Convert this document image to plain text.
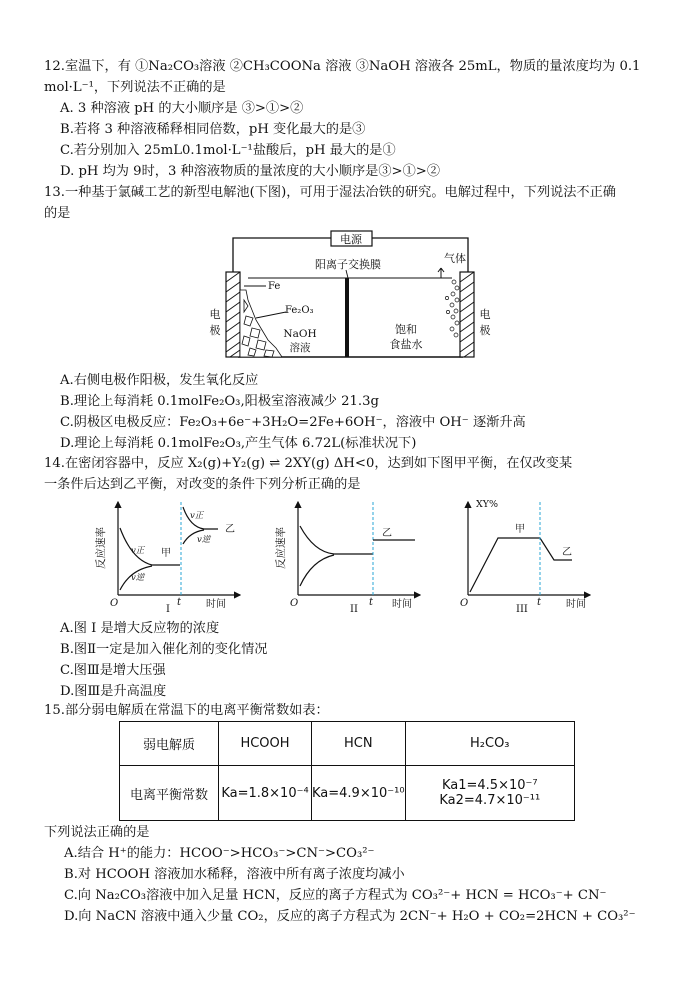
12.室温下，有 ①Na₂CO₃溶液 ②CH₃COONa 溶液 ③NaOH 溶液各 25mL，物质的量浓度均为 0.1
mol·L⁻¹，下列说法不正确的是
A. 3 种溶液 pH 的大小顺序是 ③>①>②
B.若将 3 种溶液稀释相同倍数，pH 变化最大的是③
C.若分别加入 25mL0.1mol·L⁻¹盐酸后，pH 最大的是①
D. pH 均为 9时，3 种溶液物质的量浓度的大小顺序是③>①>②
13.一种基于氯碱工艺的新型电解池(下图)，可用于湿法冶铁的研究。电解过程中，下列说法不正确
的是
电源
阳离子交换膜
Fe
Fe₂O₃
NaOH
溶液
饱和
食盐水
气体
电
极
电
极
A.右侧电极作阳极，发生氧化反应
B.理论上每消耗 0.1molFe₂O₃,阳极室溶液减少 21.3g
C.阴极区电极反应：Fe₂O₃+6e⁻+3H₂O=2Fe+6OH⁻，溶液中 OH⁻ 逐渐升高
D.理论上每消耗 0.1molFe₂O₃,产生气体 6.72L(标准状况下)
14.在密闭容器中，反应 X₂(g)+Y₂(g) ⇌ 2XY(g) ΔH<0，达到如下图甲平衡，在仅改变某
一条件后达到乙平衡，对改变的条件下列分析正确的是
反应速率
O	t 时间
I
v正
v逆
甲
v正
v逆
乙	反应速率
O	t 时间
II
乙
XY%
O	t 时间
III
甲
乙
A.图 I 是增大反应物的浓度
B.图Ⅱ一定是加入催化剂的变化情况
C.图Ⅲ是增大压强
D.图Ⅲ是升高温度
15.部分弱电解质在常温下的电离平衡常数如表：
弱电解质	HCOOH	HCN	H₂CO₃
电离平衡常数	Ka=1.8×10⁻⁴	Ka=4.9×10⁻¹⁰	Ka1=4.5×10⁻⁷
Ka2=4.7×10⁻¹¹
下列说法正确的是
A.结合 H⁺的能力：HCOO⁻>HCO₃⁻>CN⁻>CO₃²⁻
B.对 HCOOH 溶液加水稀释，溶液中所有离子浓度均减小
C.向 Na₂CO₃溶液中加入足量 HCN，反应的离子方程式为 CO₃²⁻+ HCN = HCO₃⁻+ CN⁻
D.向 NaCN 溶液中通入少量 CO₂，反应的离子方程式为 2CN⁻+ H₂O + CO₂=2HCN + CO₃²⁻
